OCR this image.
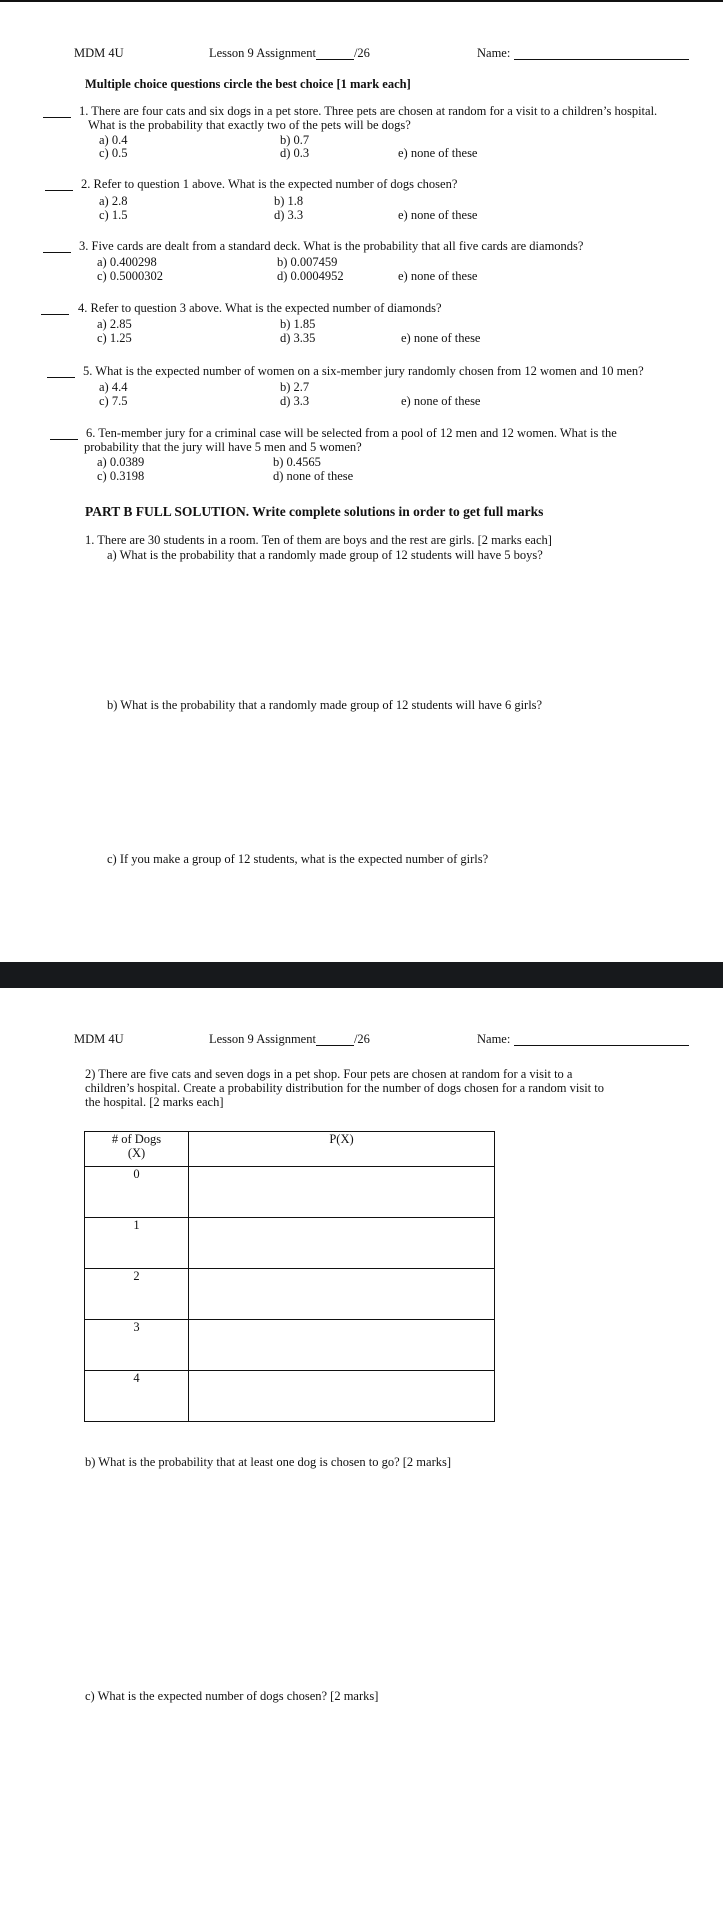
MDM 4U	Lesson 9 Assignment	/26	Name:
Multiple choice questions circle the best choice [1 mark each]
1. There are four cats and six dogs in a pet store. Three pets are chosen at random for a visit to a children’s hospital.
What is the probability that exactly two of the pets will be dogs?
a) 0.4	b) 0.7
c) 0.5	d) 0.3	e) none of these
2. Refer to question 1 above. What is the expected number of dogs chosen?
a) 2.8	b) 1.8
c) 1.5	d) 3.3	e) none of these
3. Five cards are dealt from a standard deck. What is the probability that all five cards are diamonds?
a) 0.400298	b) 0.007459
c) 0.5000302	d) 0.0004952	e) none of these
4. Refer to question 3 above. What is the expected number of diamonds?
a) 2.85	b) 1.85
c) 1.25	d) 3.35	e) none of these
5. What is the expected number of women on a six-member jury randomly chosen from 12 women and 10 men?
a) 4.4	b) 2.7
c) 7.5	d) 3.3	e) none of these
6. Ten-member jury for a criminal case will be selected from a pool of 12 men and 12 women. What is the
probability that the jury will have 5 men and 5 women?
a) 0.0389	b) 0.4565
c) 0.3198	d) none of these
PART B FULL SOLUTION. Write complete solutions in order to get full marks
1. There are 30 students in a room. Ten of them are boys and the rest are girls. [2 marks each]
a) What is the probability that a randomly made group of 12 students will have 5 boys?
b) What is the probability that a randomly made group of 12 students will have 6 girls?
c) If you make a group of 12 students, what is the expected number of girls?
MDM 4U	Lesson 9 Assignment	/26	Name:
2) There are five cats and seven dogs in a pet shop. Four pets are chosen at random for a visit to a
children’s hospital. Create a probability distribution for the number of dogs chosen for a random visit to
the hospital. [2 marks each]
# of Dogs
(X)	P(X)
0	
1	
2	
3	
4	
b) What is the probability that at least one dog is chosen to go? [2 marks]
c) What is the expected number of dogs chosen? [2 marks]
